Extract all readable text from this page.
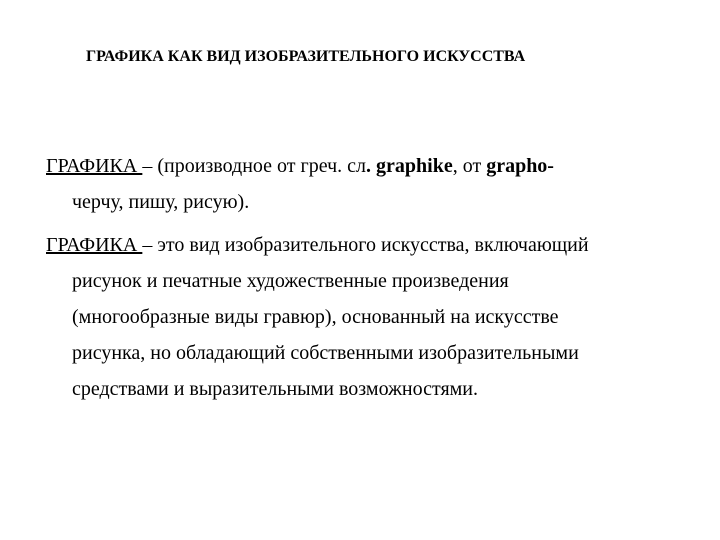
ГРАФИКА КАК ВИД ИЗОБРАЗИТЕЛЬНОГО ИСКУССТВА

ГРАФИКА – (производное от греч. сл. graphike, от grapho-
черчу, пишу, рисую).

ГРАФИКА – это вид изобразительного искусства, включающий
рисунок и печатные художественные произведения
(многообразные виды гравюр), основанный на искусстве
рисунка, но обладающий собственными изобразительными
средствами и выразительными возможностями.
